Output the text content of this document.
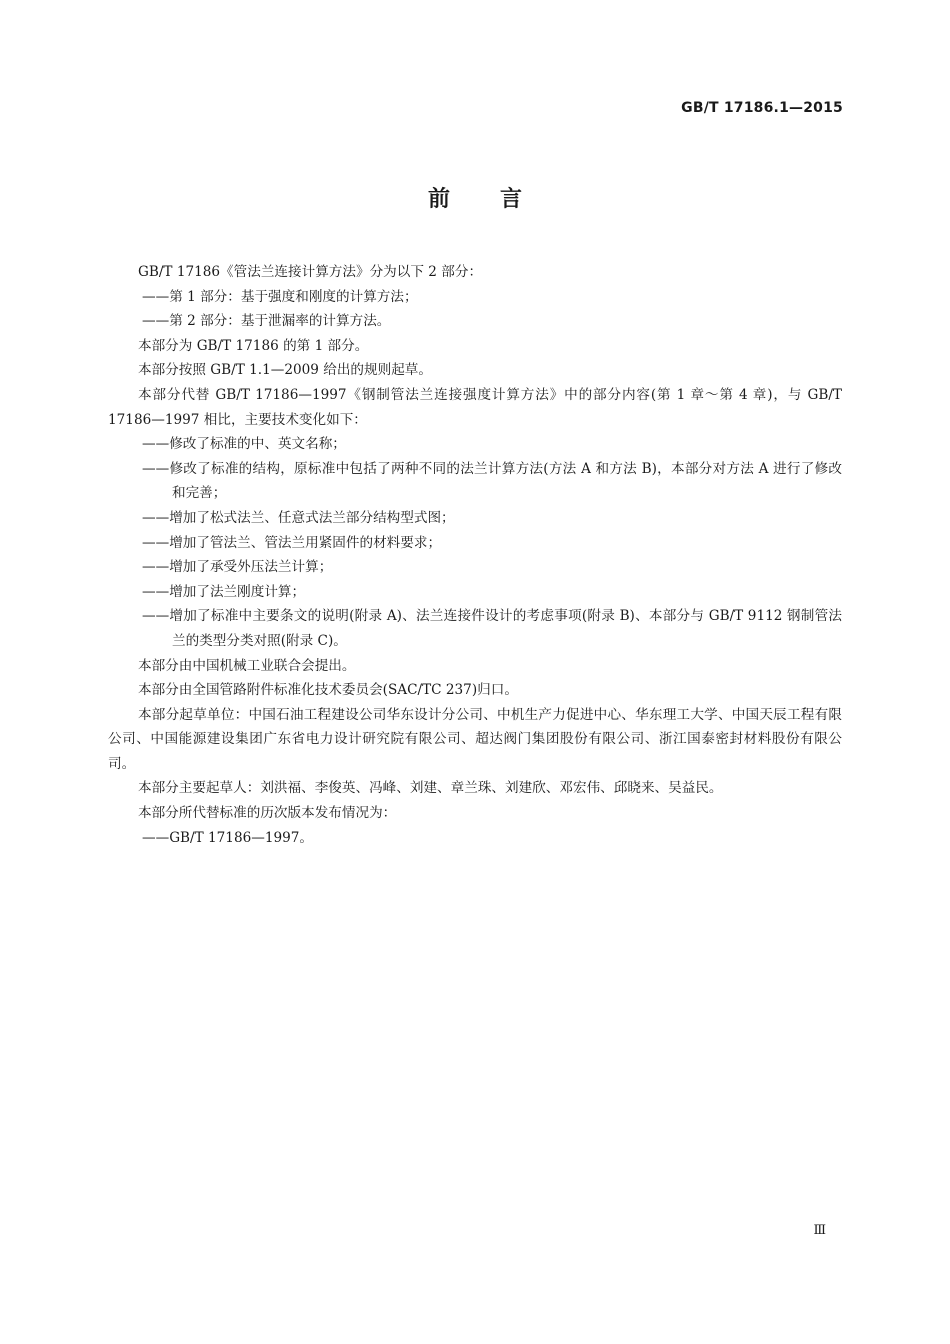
GB/T 17186.1—2015
前言

GB/T 17186《管法兰连接计算方法》分为以下 2 部分：

——第 1 部分：基于强度和刚度的计算方法；

——第 2 部分：基于泄漏率的计算方法。

本部分为 GB/T 17186 的第 1 部分。

本部分按照 GB/T 1.1—2009 给出的规则起草。

本部分代替 GB/T 17186—1997《钢制管法兰连接强度计算方法》中的部分内容(第 1 章～第 4 章)，与 GB/T 17186—1997 相比，主要技术变化如下：

——修改了标准的中、英文名称；

——修改了标准的结构，原标准中包括了两种不同的法兰计算方法(方法 A 和方法 B)，本部分对方法 A 进行了修改和完善；

——增加了松式法兰、任意式法兰部分结构型式图；

——增加了管法兰、管法兰用紧固件的材料要求；

——增加了承受外压法兰计算；

——增加了法兰刚度计算；

——增加了标准中主要条文的说明(附录 A)、法兰连接件设计的考虑事项(附录 B)、本部分与 GB/T 9112 钢制管法兰的类型分类对照(附录 C)。

本部分由中国机械工业联合会提出。

本部分由全国管路附件标准化技术委员会(SAC/TC 237)归口。

本部分起草单位：中国石油工程建设公司华东设计分公司、中机生产力促进中心、华东理工大学、中国天辰工程有限公司、中国能源建设集团广东省电力设计研究院有限公司、超达阀门集团股份有限公司、浙江国泰密封材料股份有限公司。

本部分主要起草人：刘洪福、李俊英、冯峰、刘建、章兰珠、刘建欣、邓宏伟、邱晓来、吴益民。

本部分所代替标准的历次版本发布情况为：

——GB/T 17186—1997。

Ⅲ
